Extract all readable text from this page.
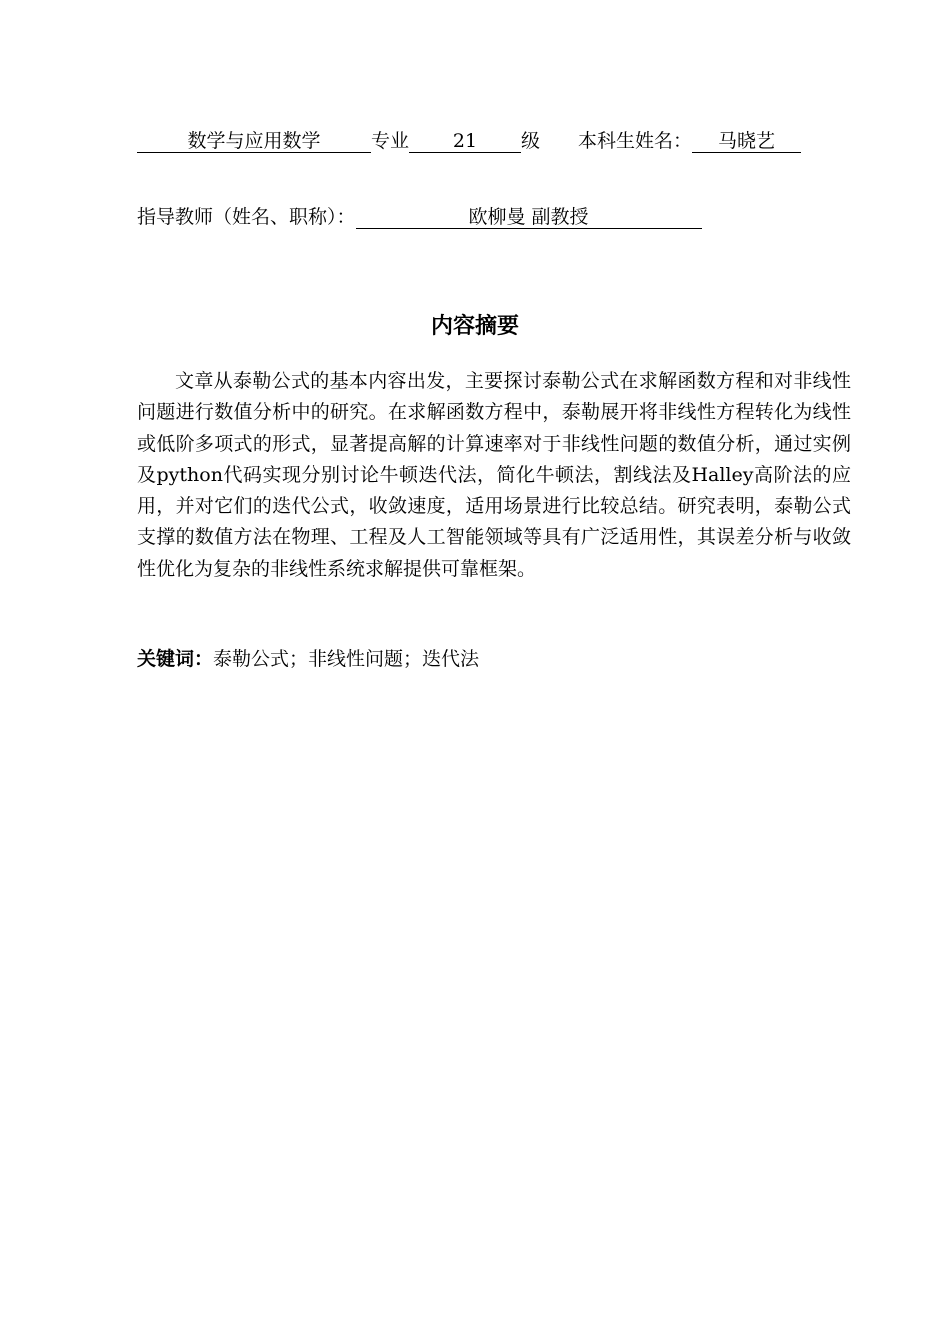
数学与应用数学	专业 21 级 本科生姓名： 马晓艺
指导教师（姓名、职称）：	欧柳曼 副教授
内容摘要

文章从泰勒公式的基本内容出发，主要探讨泰勒公式在求解函数方程和对非线性问题进行数值分析中的研究。在求解函数方程中，泰勒展开将非线性方程转化为线性或低阶多项式的形式，显著提高解的计算速率对于非线性问题的数值分析，通过实例及python代码实现分别讨论牛顿迭代法，简化牛顿法，割线法及Halley高阶法的应用，并对它们的迭代公式，收敛速度，适用场景进行比较总结。研究表明，泰勒公式支撑的数值方法在物理、工程及人工智能领域等具有广泛适用性，其误差分析与收敛性优化为复杂的非线性系统求解提供可靠框架。

关键词：泰勒公式；非线性问题；迭代法
